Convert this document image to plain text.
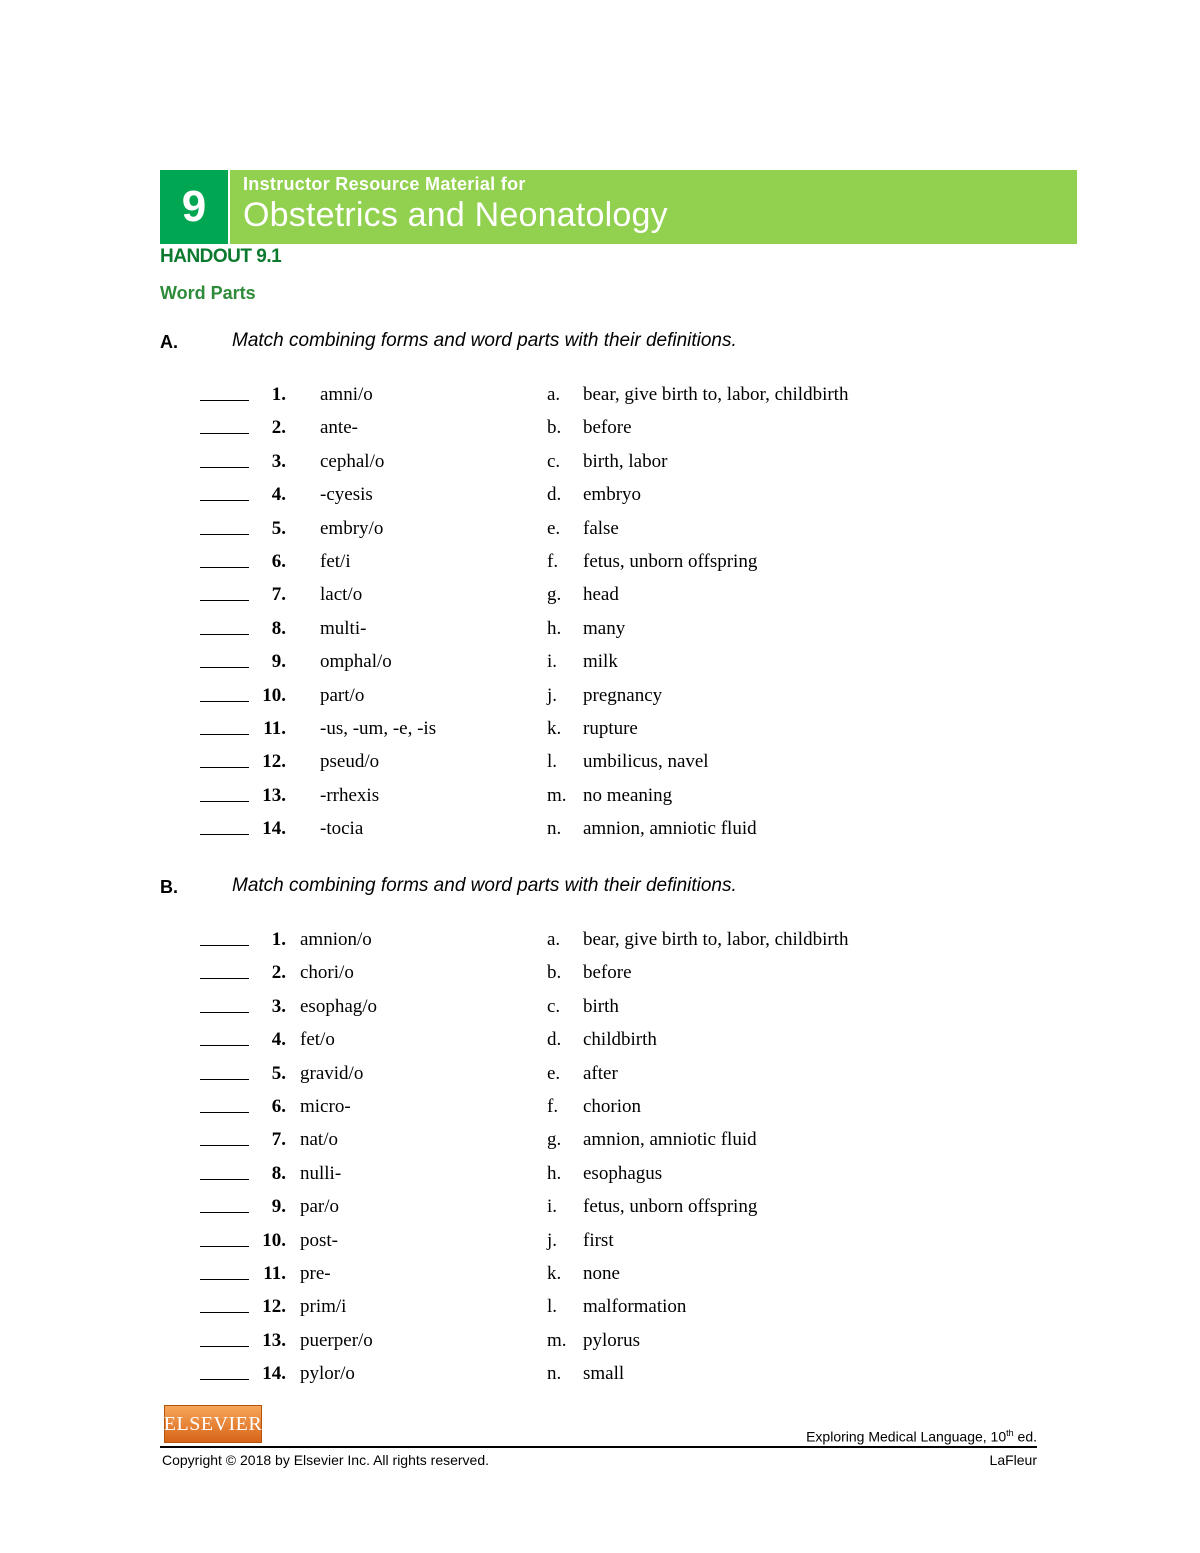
9 Instructor Resource Material for
Obstetrics and Neonatology
HANDOUT 9.1
Word Parts
A.	Match combining forms and word parts with their definitions.
1. amni/o	a. bear, give birth to, labor, childbirth
2. ante-	b. before
3. cephal/o	c. birth, labor
4. -cyesis	d. embryo
5. embry/o	e. false
6. fet/i	f. fetus, unborn offspring
7. lact/o	g. head
8. multi-	h. many
9. omphal/o	i. milk
10. part/o	j. pregnancy
11. -us, -um, -e, -is	k. rupture
12. pseud/o	l. umbilicus, navel
13. -rrhexis	m. no meaning
14. -tocia	n. amnion, amniotic fluid
B.	Match combining forms and word parts with their definitions.
1. amnion/o	a. bear, give birth to, labor, childbirth
2. chori/o	b. before
3. esophag/o	c. birth
4. fet/o	d. childbirth
5. gravid/o	e. after
6. micro-	f. chorion
7. nat/o	g. amnion, amniotic fluid
8. nulli-	h. esophagus
9. par/o	i. fetus, unborn offspring
10. post-	j. first
11. pre-	k. none
12. prim/i	l. malformation
13. puerper/o	m. pylorus
14. pylor/o	n. small
ELSEVIER
Exploring Medical Language, 10th ed.
Copyright © 2018 by Elsevier Inc. All rights reserved.	LaFleur
